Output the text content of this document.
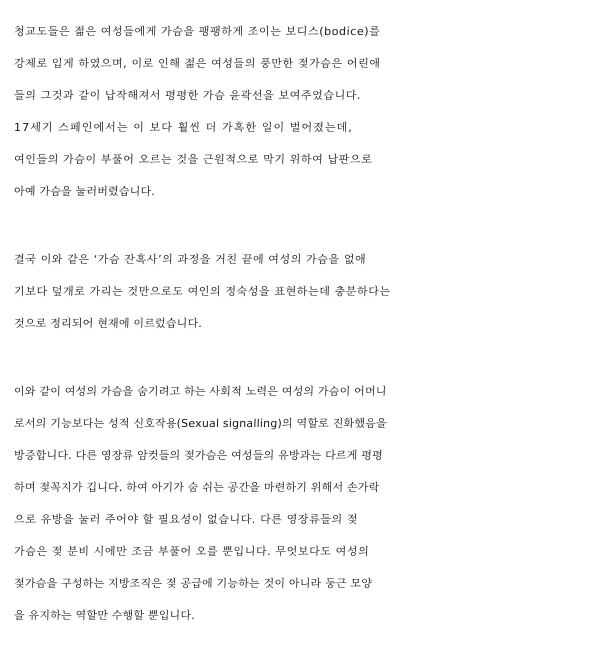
청교도들은 젊은 여성들에게 가슴을 팽팽하게 조이는 보디스(bodice)를
강제로 입게 하였으며, 이로 인해 젊은 여성들의 풍만한 젖가슴은 어린애
들의 그것과 같이 납작해져서 평평한 가슴 윤곽선을 보여주었습니다.
17세기 스페인에서는 이 보다 훨씬 더 가혹한 일이 벌어졌는데,
여인들의 가슴이 부풀어 오르는 것을 근원적으로 막기 위하여 납판으로
아예 가슴을 눌러버렸습니다.
결국 이와 같은 ‘가슴 잔혹사’의 과정을 거친 끝에 여성의 가슴을 없애
기보다 덮개로 가리는 것만으로도 여인의 정숙성을 표현하는데 충분하다는
것으로 정리되어 현재에 이르렀습니다.
이와 같이 여성의 가슴을 숨기려고 하는 사회적 노력은 여성의 가슴이 어머니
로서의 기능보다는 성적 신호작용(Sexual signalling)의 역할로 진화했음을
방증합니다. 다른 영장류 암컷들의 젖가슴은 여성들의 유방과는 다르게 평평
하며 젖꼭지가 깁니다. 하여 아기가 숨 쉬는 공간을 마련하기 위해서 손가락
으로 유방을 눌러 주어야 할 필요성이 없습니다. 다른 영장류들의 젖
가슴은 젖 분비 시에만 조금 부풀어 오를 뿐입니다. 무엇보다도 여성의
젖가슴을 구성하는 지방조직은 젖 공급에 기능하는 것이 아니라 둥근 모양
을 유지하는 역할만 수행할 뿐입니다.
